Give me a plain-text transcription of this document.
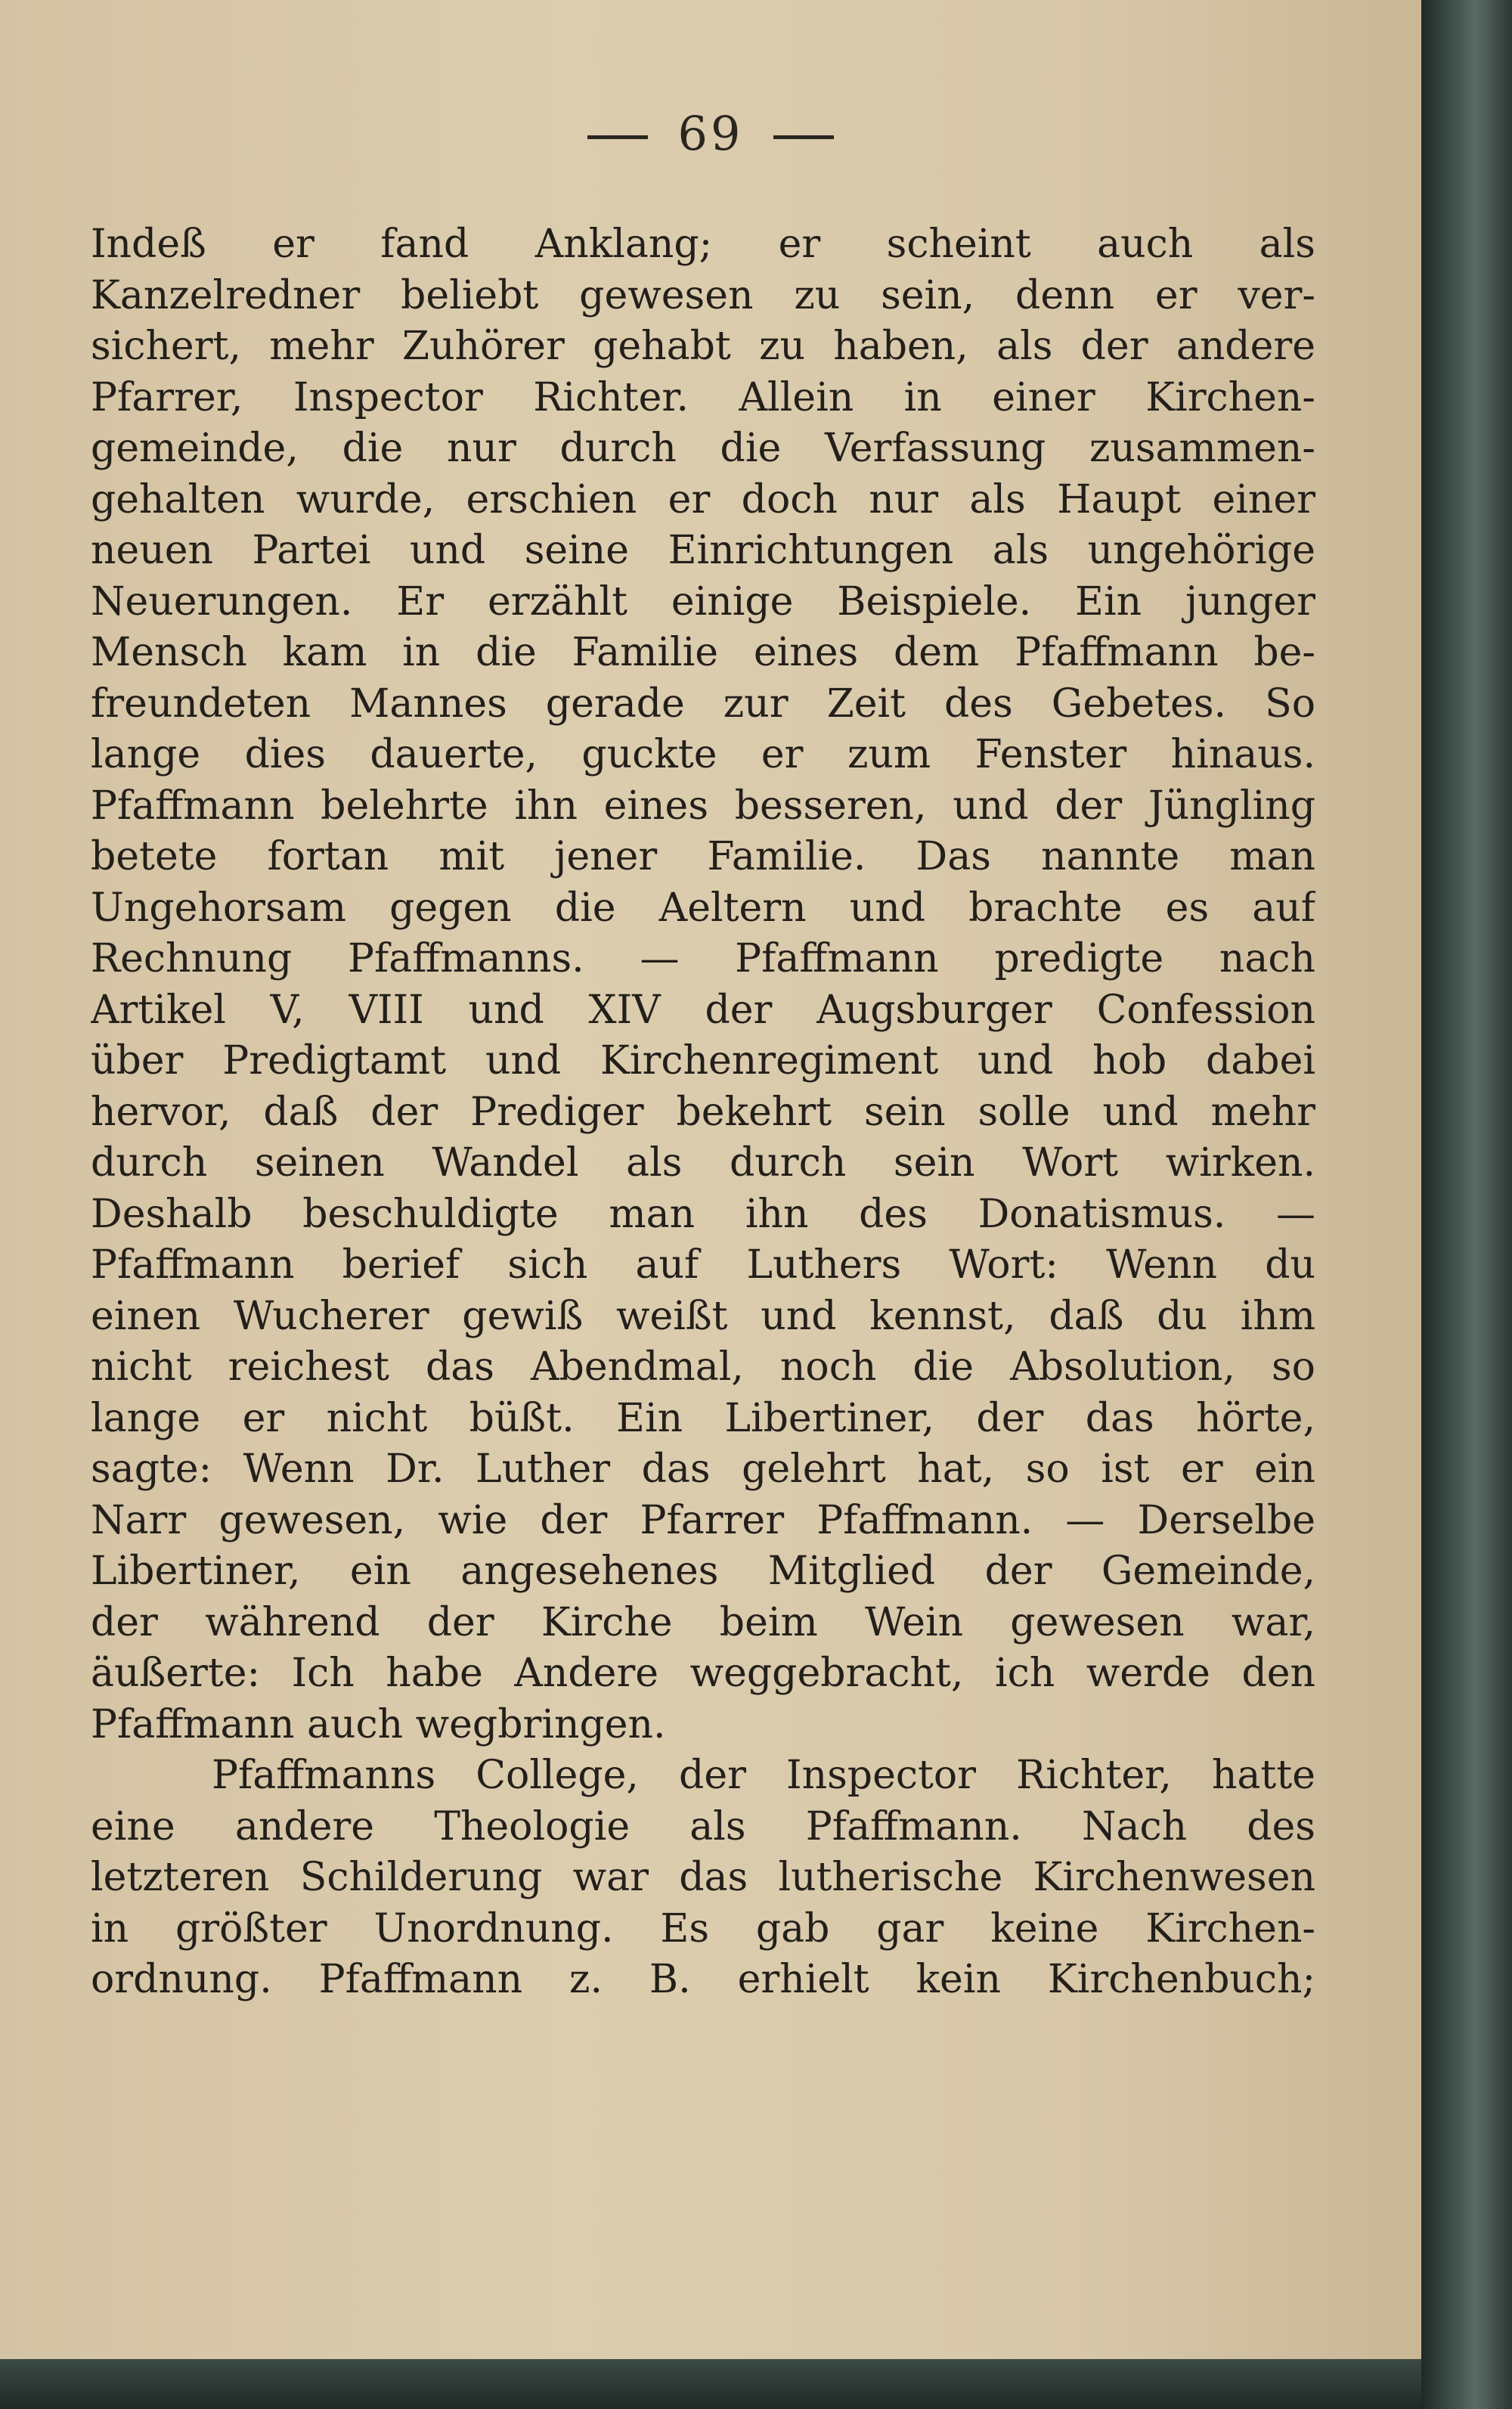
69
Indeß er fand Anklang; er scheint auch als
Kanzelredner beliebt gewesen zu sein, denn er ver-
sichert, mehr Zuhörer gehabt zu haben, als der andere
Pfarrer, Inspector Richter. Allein in einer Kirchen-
gemeinde, die nur durch die Verfassung zusammen-
gehalten wurde, erschien er doch nur als Haupt einer
neuen Partei und seine Einrichtungen als ungehörige
Neuerungen. Er erzählt einige Beispiele. Ein junger
Mensch kam in die Familie eines dem Pfaffmann be-
freundeten Mannes gerade zur Zeit des Gebetes. So
lange dies dauerte, guckte er zum Fenster hinaus.
Pfaffmann belehrte ihn eines besseren, und der Jüngling
betete fortan mit jener Familie. Das nannte man
Ungehorsam gegen die Aeltern und brachte es auf
Rechnung Pfaffmanns. — Pfaffmann predigte nach
Artikel V, VIII und XIV der Augsburger Confession
über Predigtamt und Kirchenregiment und hob dabei
hervor, daß der Prediger bekehrt sein solle und mehr
durch seinen Wandel als durch sein Wort wirken.
Deshalb beschuldigte man ihn des Donatismus. —
Pfaffmann berief sich auf Luthers Wort: Wenn du
einen Wucherer gewiß weißt und kennst, daß du ihm
nicht reichest das Abendmal, noch die Absolution, so
lange er nicht büßt. Ein Libertiner, der das hörte,
sagte: Wenn Dr. Luther das gelehrt hat, so ist er ein
Narr gewesen, wie der Pfarrer Pfaffmann. — Derselbe
Libertiner, ein angesehenes Mitglied der Gemeinde,
der während der Kirche beim Wein gewesen war,
äußerte: Ich habe Andere weggebracht, ich werde den
Pfaffmann auch wegbringen.
Pfaffmanns College, der Inspector Richter, hatte
eine andere Theologie als Pfaffmann. Nach des
letzteren Schilderung war das lutherische Kirchenwesen
in größter Unordnung. Es gab gar keine Kirchen-
ordnung. Pfaffmann z. B. erhielt kein Kirchenbuch;
